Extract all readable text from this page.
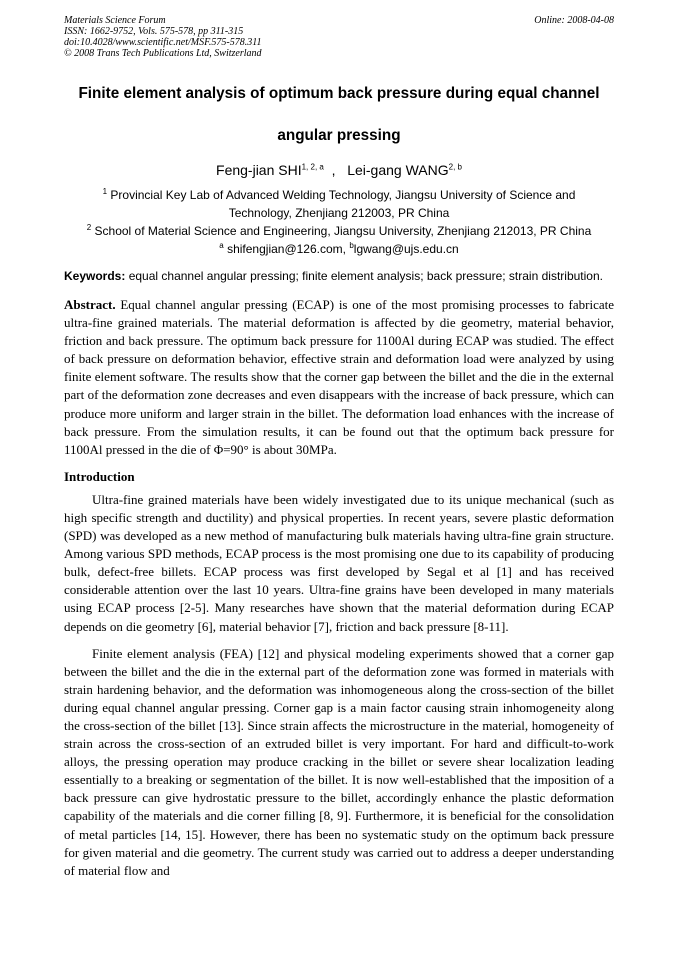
Materials Science Forum
ISSN: 1662-9752, Vols. 575-578, pp 311-315
doi:10.4028/www.scientific.net/MSF.575-578.311
© 2008 Trans Tech Publications Ltd, Switzerland
Online: 2008-04-08
Finite element analysis of optimum back pressure during equal channel
angular pressing
Feng-jian SHI$^{1, 2, a}$ , Lei-gang WANG$^{2, b}$
$^1$ Provincial Key Lab of Advanced Welding Technology, Jiangsu University of Science and
Technology, Zhenjiang 212003, PR China
$^2$ School of Material Science and Engineering, Jiangsu University, Zhenjiang 212013, PR China
$^a$ shifengjian@126.com, $^b$lgwang@ujs.edu.cn
Keywords: equal channel angular pressing; finite element analysis; back pressure; strain distribution.
Abstract. Equal channel angular pressing (ECAP) is one of the most promising processes to fabricate ultra-fine grained materials. The material deformation is affected by die geometry, material behavior, friction and back pressure. The optimum back pressure for 1100Al during ECAP was studied. The effect of back pressure on deformation behavior, effective strain and deformation load were analyzed by using finite element software. The results show that the corner gap between the billet and the die in the external part of the deformation zone decreases and even disappears with the increase of back pressure, which can produce more uniform and larger strain in the billet. The deformation load enhances with the increase of back pressure. From the simulation results, it can be found out that the optimum back pressure for 1100Al pressed in the die of Φ=90° is about 30MPa.
Introduction
Ultra-fine grained materials have been widely investigated due to its unique mechanical (such as high specific strength and ductility) and physical properties. In recent years, severe plastic deformation (SPD) was developed as a new method of manufacturing bulk materials having ultra-fine grain structure. Among various SPD methods, ECAP process is the most promising one due to its capability of producing bulk, defect-free billets. ECAP process was first developed by Segal et al [1] and has received considerable attention over the last 10 years. Ultra-fine grains have been developed in many materials using ECAP process [2-5]. Many researches have shown that the material deformation during ECAP depends on die geometry [6], material behavior [7], friction and back pressure [8-11].
Finite element analysis (FEA) [12] and physical modeling experiments showed that a corner gap between the billet and the die in the external part of the deformation zone was formed in materials with strain hardening behavior, and the deformation was inhomogeneous along the cross-section of the billet during equal channel angular pressing. Corner gap is a main factor causing strain inhomogeneity along the cross-section of the billet [13]. Since strain affects the microstructure in the material, homogeneity of strain across the cross-section of an extruded billet is very important. For hard and difficult-to-work alloys, the pressing operation may produce cracking in the billet or severe shear localization leading essentially to a breaking or segmentation of the billet. It is now well-established that the imposition of a back pressure can give hydrostatic pressure to the billet, accordingly enhance the plastic deformation capability of the materials and die corner filling [8, 9]. Furthermore, it is beneficial for the consolidation of metal particles [14, 15]. However, there has been no systematic study on the optimum back pressure for given material and die geometry. The current study was carried out to address a deeper understanding of material flow and
